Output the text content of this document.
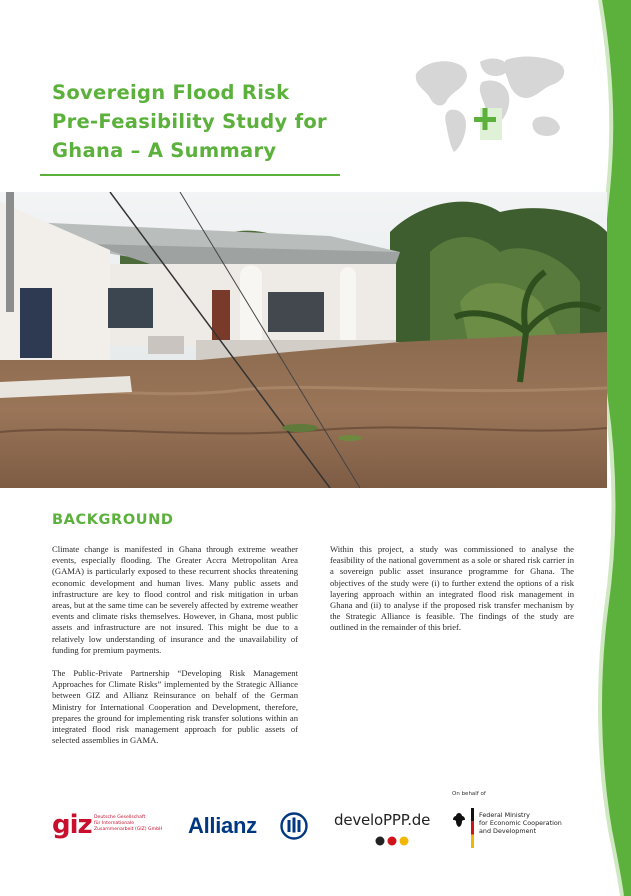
Sovereign Flood Risk
Pre-Feasibility Study for
Ghana – A Summary
BACKGROUND

Climate change is manifested in Ghana through extreme weather events, especially flooding. The Greater Accra Metropolitan Area (GAMA) is particularly exposed to these recurrent shocks threatening economic development and human lives. Many public assets and infrastructure are key to flood control and risk mitigation in urban areas, but at the same time can be severely affected by extreme weather events and climate risks themselves. However, in Ghana, most public assets and infrastructure are not insured. This might be due to a relatively low understanding of insurance and the unavailability of funding for premium payments.

The Public-Private Partnership “Developing Risk Management Approaches for Climate Risks” implemented by the Strategic Alliance between GIZ and Allianz Reinsurance on behalf of the German Ministry for International Cooperation and Development, therefore, prepares the ground for implementing risk transfer solutions within an integrated flood risk management approach for public assets of selected assemblies in GAMA.

Within this project, a study was commissioned to analyse the feasibility of the national government as a sole or shared risk carrier in a sovereign public asset insurance programme for Ghana. The objectives of the study were (i) to further extend the options of a risk layering approach within an integrated flood risk management in Ghana and (ii) to analyse if the proposed risk transfer mechanism by the Strategic Alliance is feasible. The findings of the study are outlined in the remainder of this brief.

giz Deutsche Gesellschaft
für Internationale
Zusammenarbeit (GIZ) GmbH	Allianz	develoPPP.de
On behalf of
Federal Ministry
for Economic Cooperation
and Development
